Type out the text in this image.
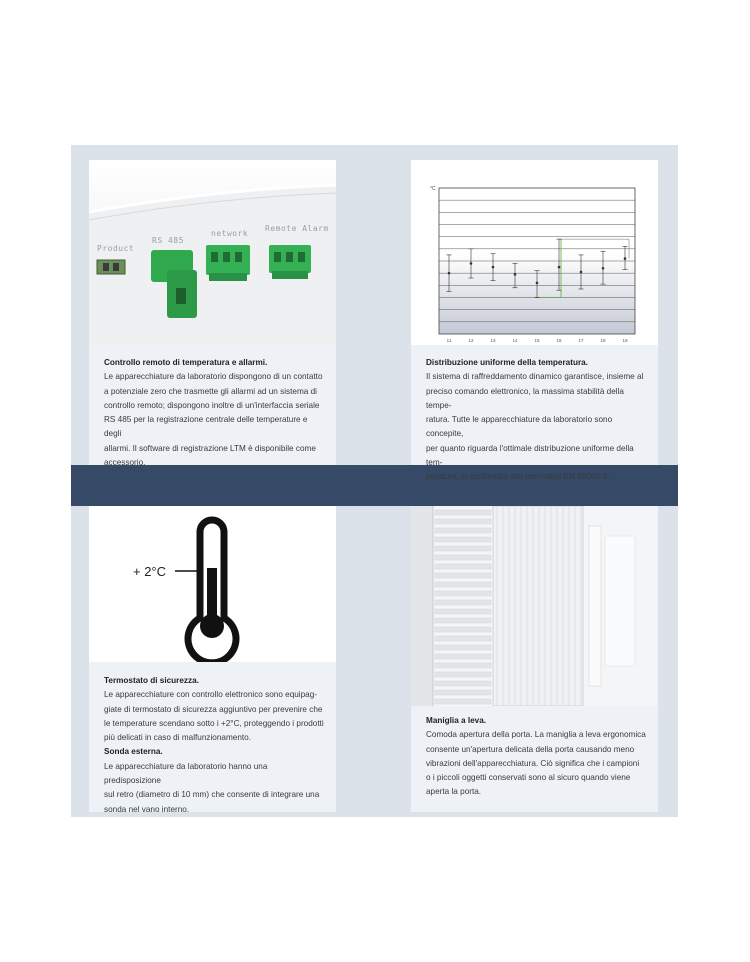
Product
RS 485
network
Remote Alarm

Controllo remoto di temperatura e allarmi.

Le apparecchiature da laboratorio dispongono di un contatto

a potenziale zero che trasmette gli allarmi ad un sistema di

controllo remoto; dispongono inoltre di un'interfaccia seriale

RS 485 per la registrazione centrale delle temperature e degli

allarmi. Il software di registrazione LTM è disponibile come

accessorio.

°C
11	12	13	14	15	16	17	18	19

Distribuzione uniforme della temperatura.

Il sistema di raffreddamento dinamico garantisce, insieme al

preciso comando elettronico, la massima stabilità della tempe-

ratura. Tutte le apparecchiature da laboratorio sono concepite,

per quanto riguarda l'ottimale distribuzione uniforme della tem-

peratura, in conformità alla normativa EN 60068-3.

+ 2°C

Termostato di sicurezza.

Le apparecchiature con controllo elettronico sono equipag-

giate di termostato di sicurezza aggiuntivo per prevenire che

le temperature scendano sotto i +2°C, proteggendo i prodotti

più delicati in caso di malfunzionamento.

Sonda esterna.

Le apparecchiature da laboratorio hanno una predisposizione

sul retro (diametro di 10 mm) che consente di integrare una

sonda nel vano interno.

Maniglia a leva.

Comoda apertura della porta. La maniglia a leva ergonomica

consente un'apertura delicata della porta causando meno

vibrazioni dell'apparecchiatura. Ciò significa che i campioni

o i piccoli oggetti conservati sono al sicuro quando viene

aperta la porta.
